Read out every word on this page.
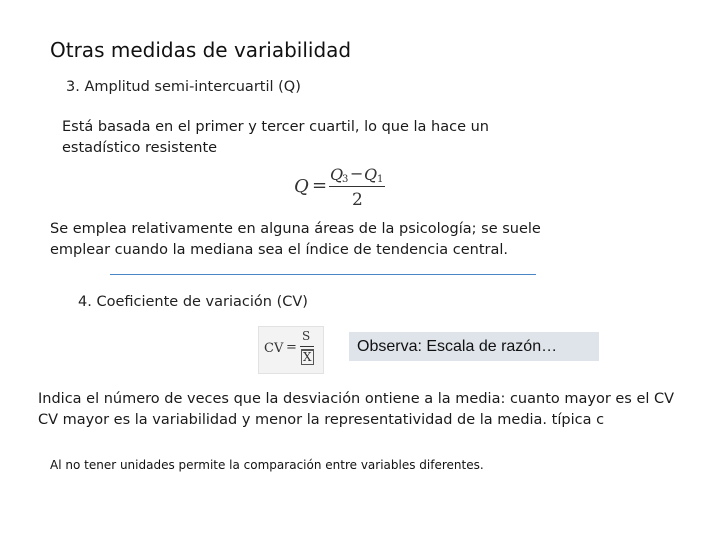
Otras medidas de variabilidad
3. Amplitud semi-intercuartil (Q)
Está basada en el primer y tercer cuartil, lo que la hace un
estadístico resistente
Q =
Q
3 − Q 1
2
Se emplea relativamente en alguna áreas de la psicología; se suele
emplear cuando la mediana sea el índice de tendencia central.
4. Coeficiente de variación (CV)
CV =
S
X
Observa: Escala de razón…
Indica el número de veces que la desviación ontiene a la media: cuanto mayor es el CV
CV mayor es la variabilidad y menor la representatividad de la media. típica c
Al no tener unidades permite la comparación entre variables diferentes.
